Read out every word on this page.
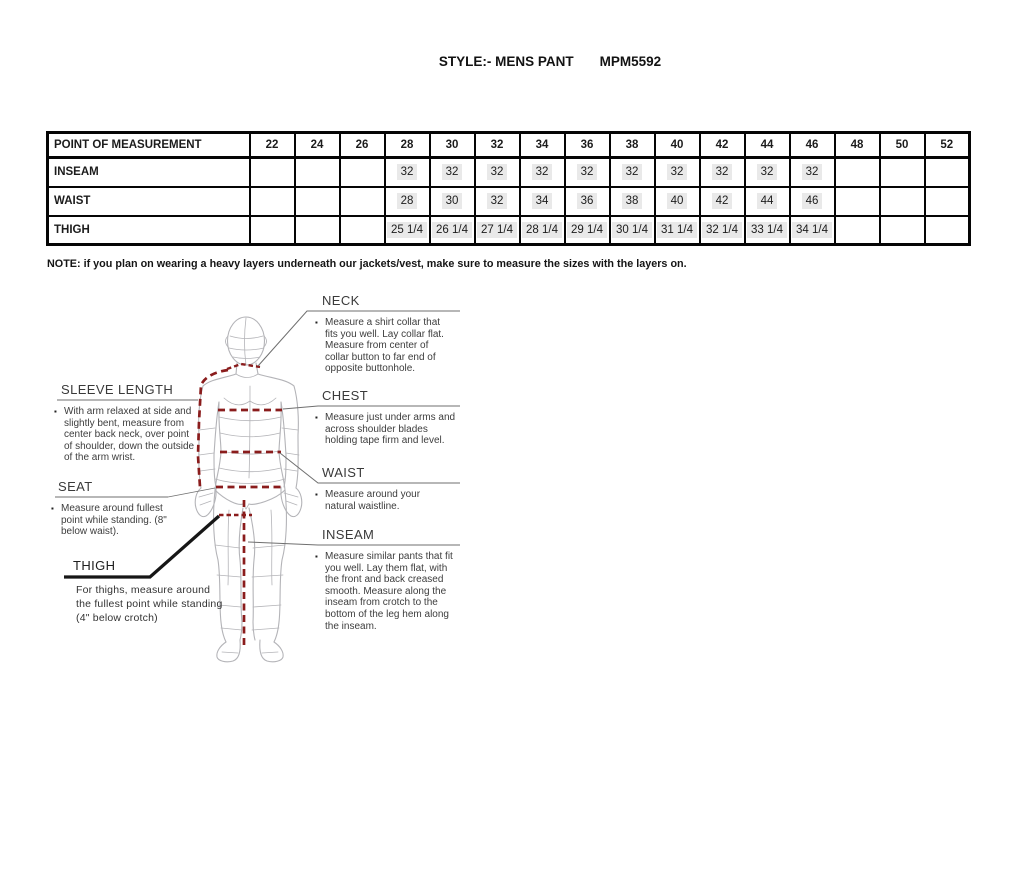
STYLE:- MENS PANT MPM5592
POINT OF MEASUREMENT	22	24	26	28	30	32	34	36	38	40	42	44	46	48	50	52
INSEAM				32	32	32	32	32	32	32	32	32	32			
WAIST				28	30	32	34	36	38	40	42	44	46			
THIGH				25 1/4	26 1/4	27 1/4	28 1/4	29 1/4	30 1/4	31 1/4	32 1/4	33 1/4	34 1/4			

NOTE: if you plan on wearing a heavy layers underneath our jackets/vest, make sure to measure the sizes with the layers on.

NECK
▪ Measure a shirt collar that fits you well. Lay collar flat. Measure from center of collar button to far end of opposite buttonhole.

CHEST
▪ Measure just under arms and across shoulder blades holding tape firm and level.

WAIST
▪ Measure around your natural waistline.

INSEAM
▪ Measure similar pants that fit you well. Lay them flat, with the front and back creased smooth. Measure along the inseam from crotch to the bottom of the leg hem along the inseam.

SLEEVE LENGTH
▪ With arm relaxed at side and slightly bent, measure from center back neck, over point of shoulder, down the outside of the arm wrist.

SEAT
▪ Measure around fullest point while standing. (8" below waist).

THIGH

For thighs, measure around the fullest point while standing (4" below crotch)
